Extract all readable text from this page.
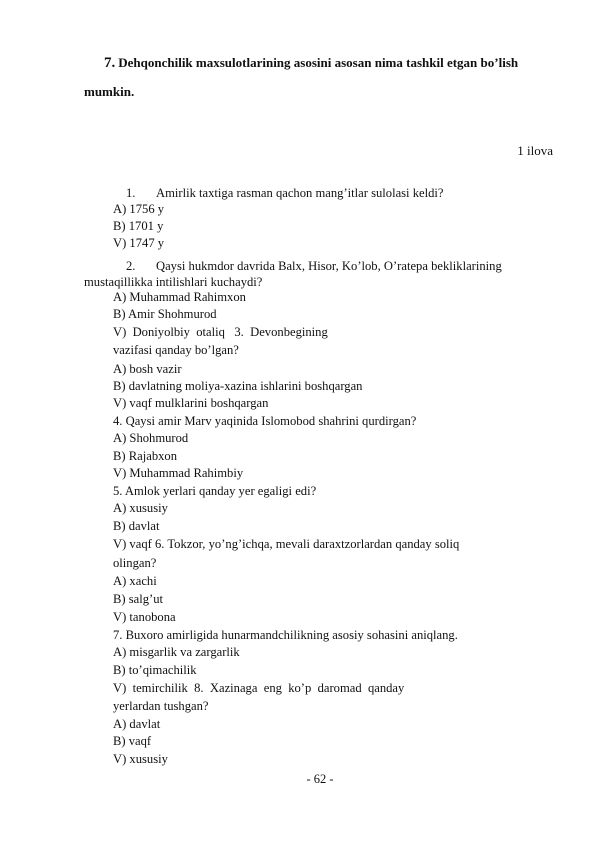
7. Dehqonchilik maxsulotlarining asosini asosan nima tashkil etgan bo’lish
mumkin.
1 ilova
1. Amirlik taxtiga rasman qachon mang’itlar sulolasi keldi?
A) 1756 y
B) 1701 y
V) 1747 y
2. Qaysi hukmdor davrida Balx, Hisor, Ko’lob, O’ratepa bekliklarining
mustaqillikka intilishlari kuchaydi?
A) Muhammad Rahimxon
B) Amir Shohmurod
V)  Doniyolbiy  otaliq   3.  Devonbegining
vazifasi qanday bo’lgan?
A) bosh vazir
B) davlatning moliya-xazina ishlarini boshqargan
V) vaqf mulklarini boshqargan
4. Qaysi amir Marv yaqinida Islomobod shahrini qurdirgan?
A) Shohmurod
B) Rajabxon
V) Muhammad Rahimbiy
5. Amlok yerlari qanday yer egaligi edi?
A) xususiy
B) davlat
V) vaqf 6. Tokzor, yo’ng’ichqa, mevali daraxtzorlardan qanday soliq
olingan?
A) xachi
B) salg’ut
V) tanobona
7. Buxoro amirligida hunarmandchilikning asosiy sohasini aniqlang.
A) misgarlik va zargarlik
B) to’qimachilik
V)  temirchilik  8.  Xazinaga  eng  ko’p  daromad  qanday
yerlardan tushgan?
A) davlat
B) vaqf
V) xususiy
- 62 -
